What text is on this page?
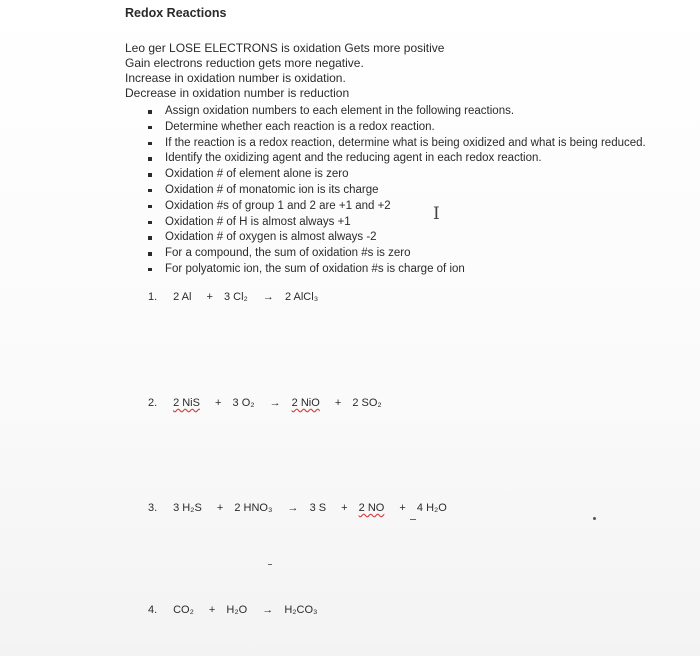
Redox Reactions
Leo ger LOSE ELECTRONS is oxidation Gets more positive
Gain electrons reduction gets more negative.
Increase in oxidation number is oxidation.
Decrease in oxidation number is reduction
Assign oxidation numbers to each element in the following reactions.
Determine whether each reaction is a redox reaction.
If the reaction is a redox reaction, determine what is being oxidized and what is being reduced.
Identify the oxidizing agent and the reducing agent in each redox reaction.
Oxidation # of element alone is zero
Oxidation # of monatomic ion is its charge
Oxidation #s of group 1 and 2 are +1 and +2
Oxidation # of H is almost always +1
Oxidation # of oxygen is almost always -2
For a compound, the sum of oxidation #s is zero
For polyatomic ion, the sum of oxidation #s is charge of ion
I
1. 2 Al + 3 Cl₂ → 2 AlCl₃
2. 2 NiS + 3 O₂ → 2 NiO + 2 SO₂
3. 3 H₂S + 2 HNO₃ → 3 S + 2 NO + 4 H₂O
4. CO₂ + H₂O → H₂CO₃
